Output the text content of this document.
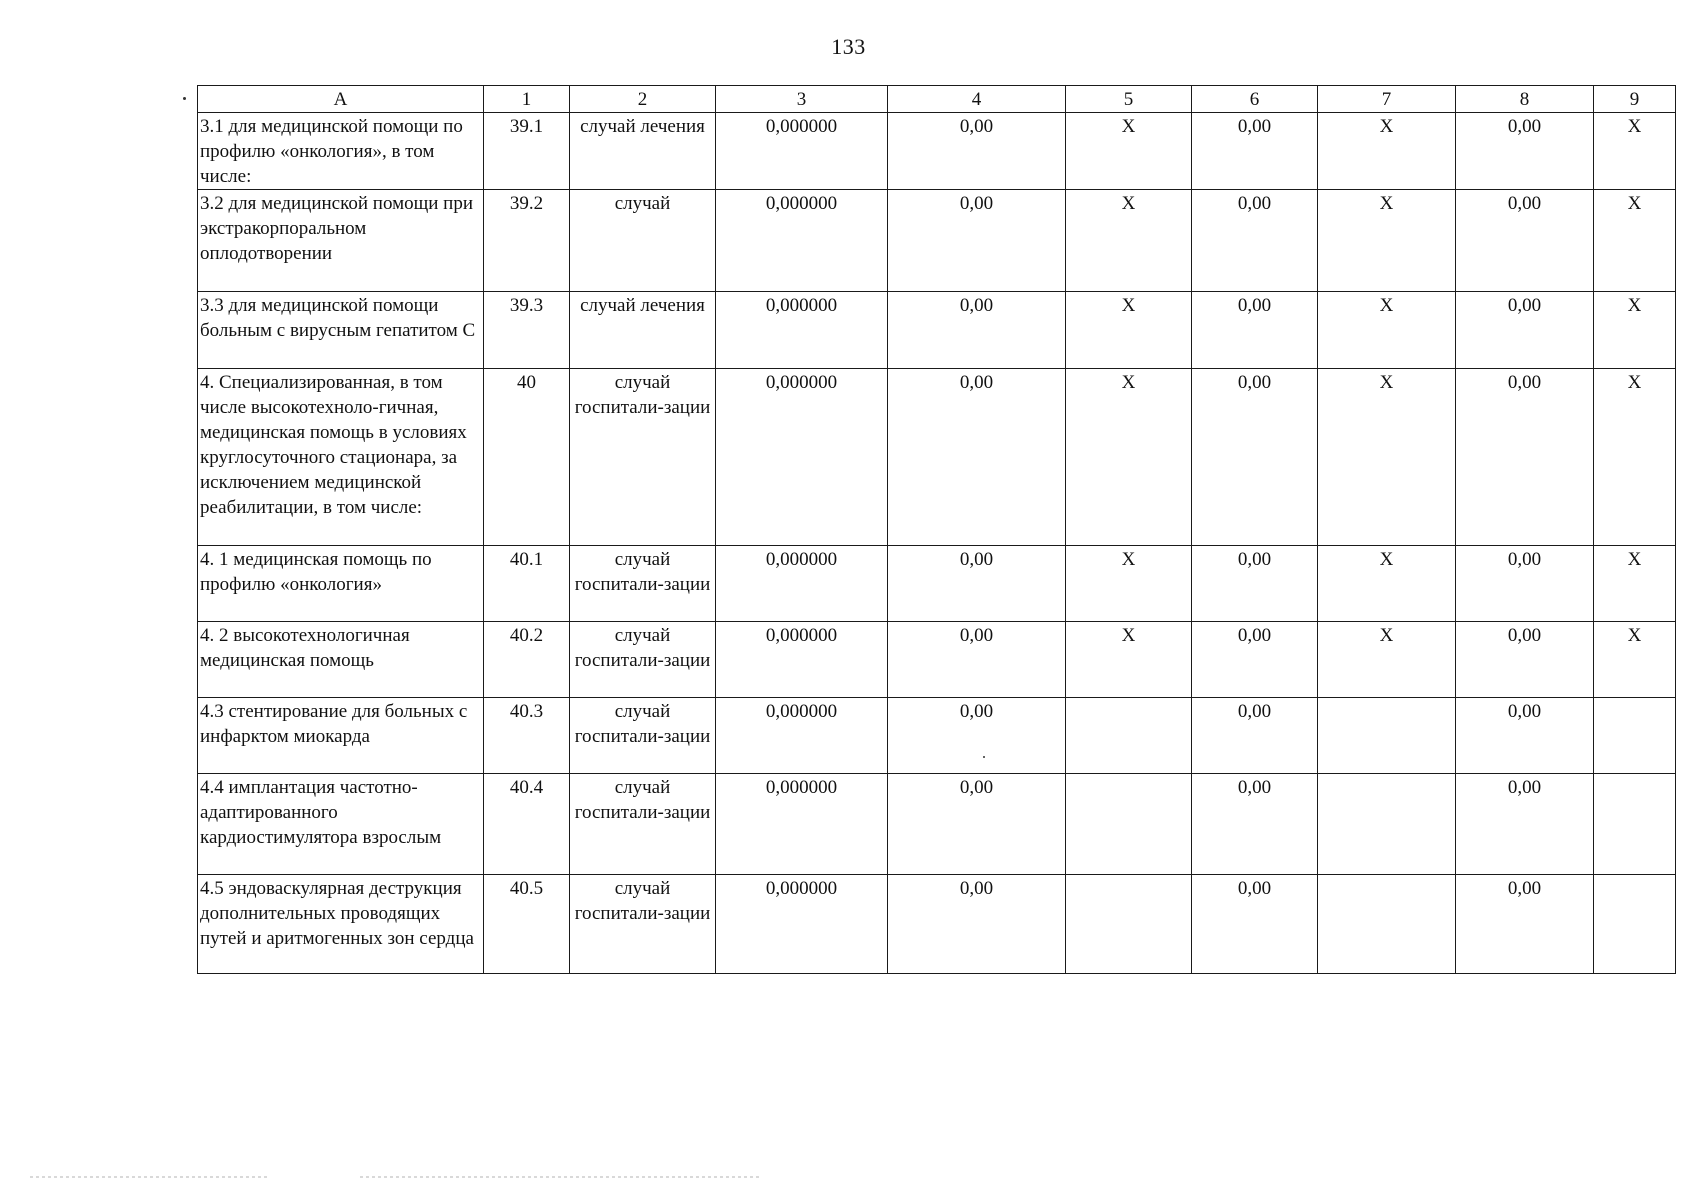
133
А	1	2	3	4	5	6	7	8	9
3.1 для медицинской помощи по профилю «онкология», в том числе:	39.1	случай лечения	0,000000	0,00	X	0,00	X	0,00	X
3.2 для медицинской помощи при экстракорпоральном оплодотворении	39.2	случай	0,000000	0,00	X	0,00	X	0,00	X
3.3 для медицинской помощи больным с вирусным гепатитом С	39.3	случай лечения	0,000000	0,00	X	0,00	X	0,00	X
4. Специализированная, в том числе высокотехноло-гичная, медицинская помощь в условиях круглосуточного стационара, за исключением медицинской реабилитации, в том числе:	40	случай госпитали-зации	0,000000	0,00	X	0,00	X	0,00	X
4. 1 медицинская помощь по профилю «онкология»	40.1	случай госпитали-зации	0,000000	0,00	X	0,00	X	0,00	X
4. 2 высокотехнологичная медицинская помощь	40.2	случай госпитали-зации	0,000000	0,00	X	0,00	X	0,00	X
4.3 стентирование для больных с инфарктом миокарда	40.3	случай госпитали-зации	0,000000	0,00		0,00		0,00	
4.4 имплантация частотно-адаптированного кардиостимулятора взрослым	40.4	случай госпитали-зации	0,000000	0,00		0,00		0,00	
4.5 эндоваскулярная деструкция дополнительных проводящих путей и аритмогенных зон сердца	40.5	случай госпитали-зации	0,000000	0,00		0,00		0,00	
